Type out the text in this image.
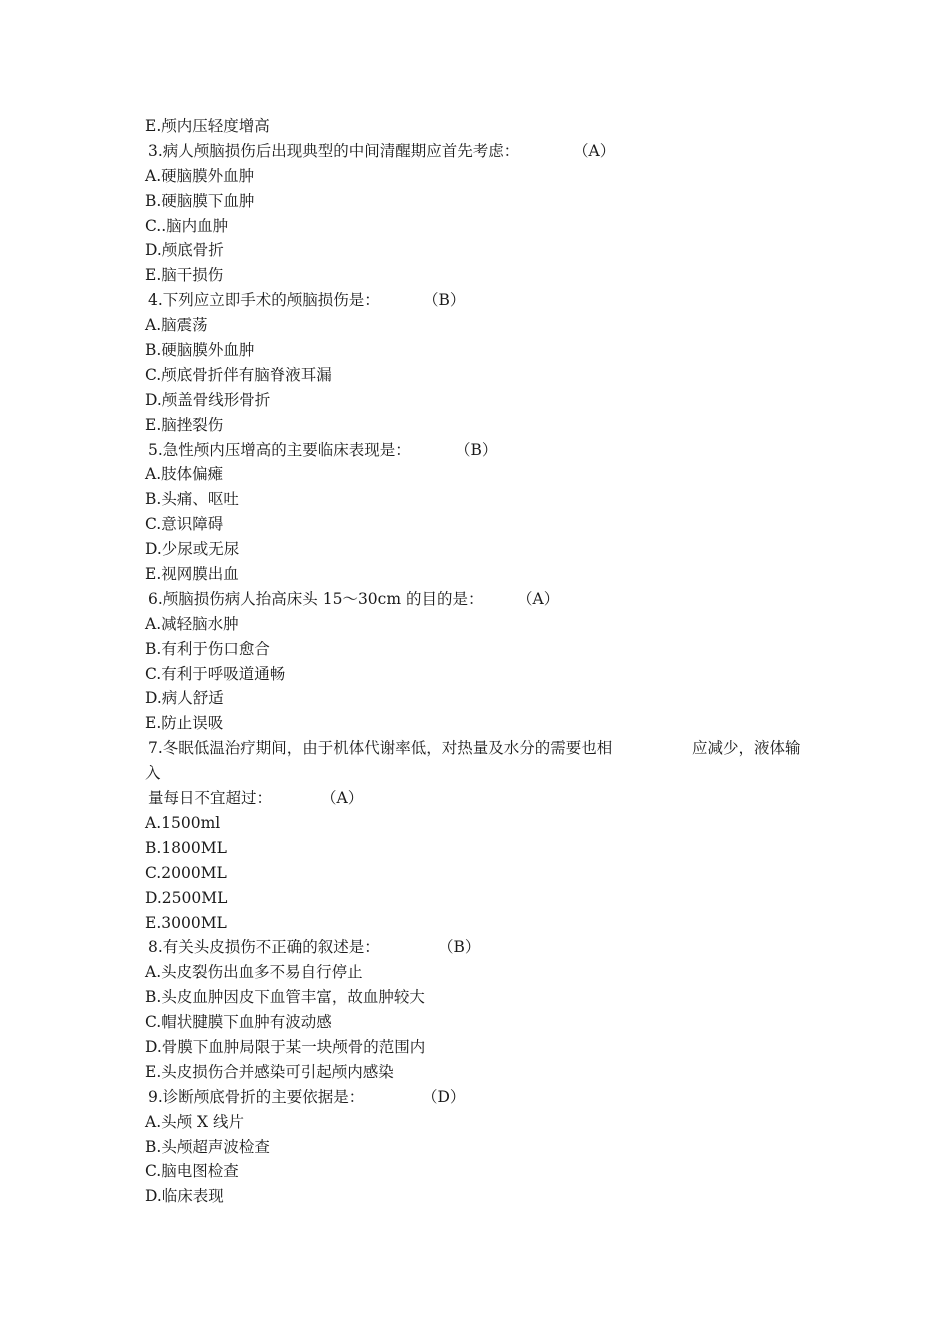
E.颅内压轻度增高
3.病人颅脑损伤后出现典型的中间清醒期应首先考虑：	（A）
A.硬脑膜外血肿
B.硬脑膜下血肿
C..脑内血肿
D.颅底骨折
E.脑干损伤
4.下列应立即手术的颅脑损伤是：	（B）
A.脑震荡
B.硬脑膜外血肿
C.颅底骨折伴有脑脊液耳漏
D.颅盖骨线形骨折
E.脑挫裂伤
5.急性颅内压增高的主要临床表现是：	（B）
A.肢体偏瘫
B.头痛、呕吐
C.意识障碍
D.少尿或无尿
E.视网膜出血
6.颅脑损伤病人抬高床头 15～30cm 的目的是： （A）
A.减轻脑水肿
B.有利于伤口愈合
C.有利于呼吸道通畅
D.病人舒适
E.防止误吸
7.冬眠低温治疗期间，由于机体代谢率低，对热量及水分的需要也相	应减少，液体输
入
量每日不宜超过：	（A）
A.1500ml
B.1800ML
C.2000ML
D.2500ML
E.3000ML
8.有关头皮损伤不正确的叙述是：	（B）
A.头皮裂伤出血多不易自行停止
B.头皮血肿因皮下血管丰富，故血肿较大
C.帽状腱膜下血肿有波动感
D.骨膜下血肿局限于某一块颅骨的范围内
E.头皮损伤合并感染可引起颅内感染
9.诊断颅底骨折的主要依据是：	（D）
A.头颅 X 线片
B.头颅超声波检查
C.脑电图检查
D.临床表现
